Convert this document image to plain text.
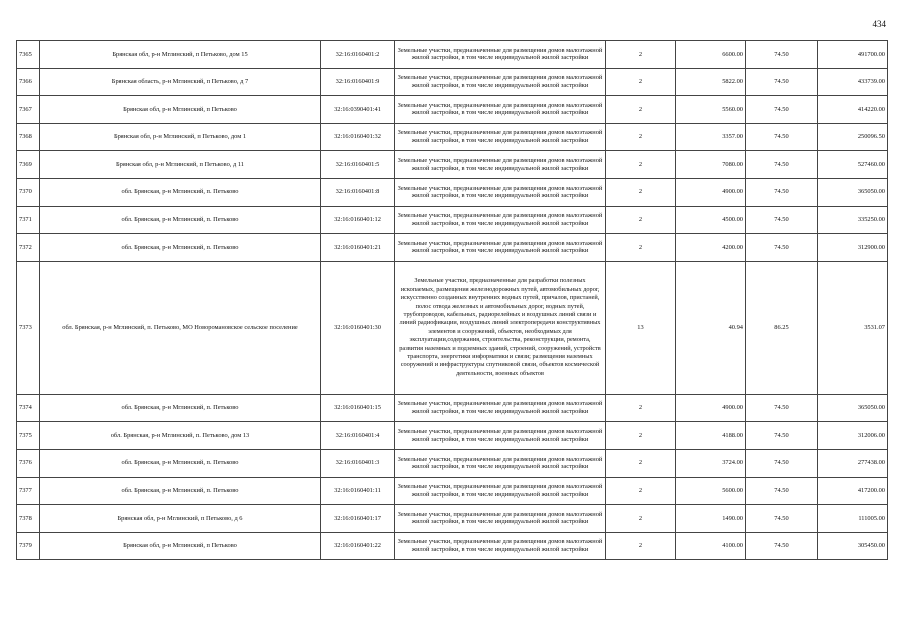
434
7365	Брянская обл, р-н Мглинский, п Петьково, дом 15	32:16:0160401:2	Земельные участки, предназначенные для размещения домов малоэтажной жилой застройки, в том числе индивидуальной жилой застройки	2	6600.00	74.50	491700.00
7366	Брянская область, р-н Мглинский, п Петьково, д 7	32:16:0160401:9	Земельные участки, предназначенные для размещения домов малоэтажной жилой застройки, в том числе индивидуальной жилой застройки	2	5822.00	74.50	433739.00
7367	Брянская обл, р-н Мглинский, п Петьково	32:16:0390401:41	Земельные участки, предназначенные для размещения домов малоэтажной жилой застройки, в том числе индивидуальной жилой застройки	2	5560.00	74.50	414220.00
7368	Брянская обл, р-н Мглинский, п Петьково, дом 1	32:16:0160401:32	Земельные участки, предназначенные для размещения домов малоэтажной жилой застройки, в том числе индивидуальной жилой застройки	2	3357.00	74.50	250096.50
7369	Брянская обл, р-н Мглинский, п Петьково, д 11	32:16:0160401:5	Земельные участки, предназначенные для размещения домов малоэтажной жилой застройки, в том числе индивидуальной жилой застройки	2	7080.00	74.50	527460.00
7370	обл. Брянская, р-н Мглинский, п. Петьково	32:16:0160401:8	Земельные участки, предназначенные для размещения домов малоэтажной жилой застройки, в том числе индивидуальной жилой застройки	2	4900.00	74.50	365050.00
7371	обл. Брянская, р-н Мглинский, п. Петьково	32:16:0160401:12	Земельные участки, предназначенные для размещения домов малоэтажной жилой застройки, в том числе индивидуальной жилой застройки	2	4500.00	74.50	335250.00
7372	обл. Брянская, р-н Мглинский, п. Петьково	32:16:0160401:21	Земельные участки, предназначенные для размещения домов малоэтажной жилой застройки, в том числе индивидуальной жилой застройки	2	4200.00	74.50	312900.00
7373	обл. Брянская, р-н Мглинский, п. Петьково, МО Новоромановское сельское поселение	32:16:0160401:30	Земельные участки, предназначенные для разработки полезных ископаемых, размещения железнодорожных путей, автомобильных дорог, искусственно созданных внутренних водных путей, причалов, пристаней, полос отвода железных и автомобильных дорог, водных путей, трубопроводов, кабельных, радиорелейных и воздушных линий связи и линий радиофикации, воздушных линий электропередачи конструктивных элементов и сооружений, объектов, необходимых для эксплуатации,содержания, строительства, реконструкции, ремонта, развития наземных и подземных зданий, строений, сооружений, устройств транспорта, энергетики информатики и связи; размещения наземных сооружений и инфраструктуры спутниковой связи, объектов космической деятельности, военных объектов	13	40.94	86.25	3531.07
7374	обл. Брянская, р-н Мглинский, п. Петьково	32:16:0160401:15	Земельные участки, предназначенные для размещения домов малоэтажной жилой застройки, в том числе индивидуальной жилой застройки	2	4900.00	74.50	365050.00
7375	обл. Брянская, р-н Мглинский, п. Петьково, дом 13	32:16:0160401:4	Земельные участки, предназначенные для размещения домов малоэтажной жилой застройки, в том числе индивидуальной жилой застройки	2	4188.00	74.50	312006.00
7376	обл. Брянская, р-н Мглинский, п. Петьково	32:16:0160401:3	Земельные участки, предназначенные для размещения домов малоэтажной жилой застройки, в том числе индивидуальной жилой застройки	2	3724.00	74.50	277438.00
7377	обл. Брянская, р-н Мглинский, п. Петьково	32:16:0160401:11	Земельные участки, предназначенные для размещения домов малоэтажной жилой застройки, в том числе индивидуальной жилой застройки	2	5600.00	74.50	417200.00
7378	Брянская обл, р-н Мглинский, п Петьково, д 6	32:16:0160401:17	Земельные участки, предназначенные для размещения домов малоэтажной жилой застройки, в том числе индивидуальной жилой застройки	2	1490.00	74.50	111005.00
7379	Брянская обл, р-н Мглинский, п Петьково	32:16:0160401:22	Земельные участки, предназначенные для размещения домов малоэтажной жилой застройки, в том числе индивидуальной жилой застройки	2	4100.00	74.50	305450.00
